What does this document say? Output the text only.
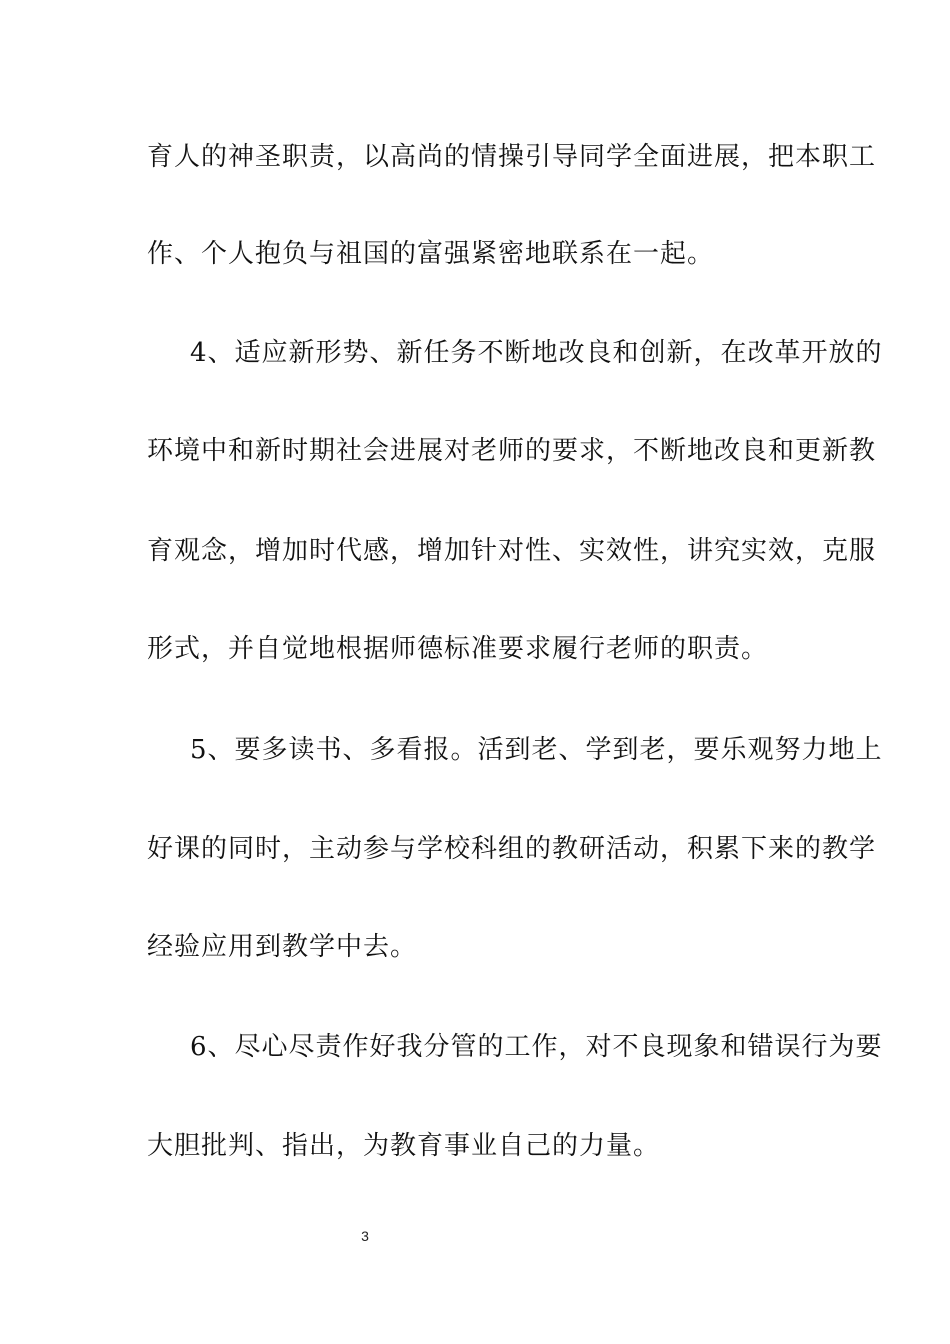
育人的神圣职责，以高尚的情操引导同学全面进展，把本职工
作、个人抱负与祖国的富强紧密地联系在一起。
4、适应新形势、新任务不断地改良和创新，在改革开放的
环境中和新时期社会进展对老师的要求，不断地改良和更新教
育观念，增加时代感，增加针对性、实效性，讲究实效，克服
形式，并自觉地根据师德标准要求履行老师的职责。
5、要多读书、多看报。活到老、学到老，要乐观努力地上
好课的同时，主动参与学校科组的教研活动，积累下来的教学
经验应用到教学中去。
6、尽心尽责作好我分管的工作，对不良现象和错误行为要
大胆批判、指出，为教育事业自己的力量。
3
